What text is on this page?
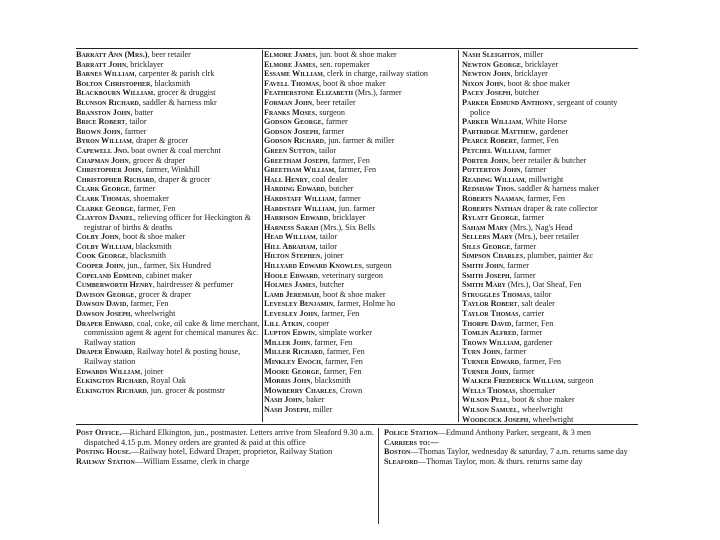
Barratt Ann (Mrs.), beer retailer
Barratt John, bricklayer
Barnes William, carpenter & parish clrk
Bolton Christopher, blacksmith
Blackbourn William, grocer & druggist
Blunson Richard, saddler & harness mkr
Branston John, batter
Brice Robert, tailor
Brown John, farmer
Byron William, draper & grocer
Capewell Jno. boat owner & coal merchnt
Chapman John, grocer & draper
Christopher John, farmer, Winkhill
Christopher Richard, draper & grocer
Clark George, farmer
Clark Thomas, shoemaker
Clarke George, farmer, Fen
Clayton Daniel, relieving officer for Heckington & registrar of births & deaths
Colby John, boot & shoe maker
Colby William, blacksmith
Cook George, blacksmith
Cooper John, jun., farmer, Six Hundred
Copeland Edmund, cabinet maker
Cumberworth Henry, hairdresser & perfumer
Davison George, grocer & draper
Dawson David, farmer, Fen
Dawson Joseph, wheelwright
Draper Edward, coal, coke, oil cake & lime merchant, commission agent & agent for chemical manures &c. Railway station
Draper Edward, Railway hotel & posting house, Railway station
Edwards William, joiner
Elkington Richard, Royal Oak
Elkington Richard, jun. grocer & postmstr
Elmore James, jun. boot & shoe maker
Elmore James, sen. ropemaker
Essame William, clerk in charge, railway station
Favell Thomas, boot & shoe maker
Featherstone Elizabeth (Mrs.), farmer
Forman John, beer retailer
Franks Moses, surgeon
Godson George, farmer
Godson Joseph, farmer
Godson Richard, jun. farmer & miller
Green Sutton, tailor
Greetham Joseph, farmer, Fen
Greetham William, farmer, Fen
Hall Henry, coal dealer
Harding Edward, butcher
Hardstaff William, farmer
Hardstaff William, jun. farmer
Harrison Edward, bricklayer
Harness Sarah (Mrs.), Six Bells
Head William, tailor
Hill Abraham, tailor
Hilton Stephen, joiner
Hillyard Edward Knowles, surgeon
Hoole Edward, veterinary surgeon
Holmes James, butcher
Lamb Jeremiah, boot & shoe maker
Levesley Benjamin, farmer, Holme ho
Levesley John, farmer, Fen
Lill Atkin, cooper
Lupton Edwin, simplate worker
Miller John, farmer, Fen
Miller Richard, farmer, Fen
Minkley Enoch, farmer, Fen
Moore George, farmer, Fen
Morris John, blacksmith
Mowberry Charles, Crown
Nash John, baker
Nash Joseph, miller
Nash Sleighton, miller
Newton George, bricklayer
Newton John, bricklayer
Nixon John, boot & shoe maker
Pacey Joseph, butcher
Parker Edmund Anthony, sergeant of county police
Parker William, White Horse
Partridge Matthew, gardener
Pearce Robert, farmer, Fen
Petchel William, farmer
Porter John, beer retailer & butcher
Potterton John, farmer
Reading William, millwright
Redshaw Thos. saddler & harness maker
Roberts Naaman, farmer, Fen
Roberts Nathan draper & rate collector
Rylatt George, farmer
Saham Mary (Mrs.), Nag's Head
Sellers Mary (Mrs.), beer retailer
Sills George, farmer
Simpson Charles, plumber, painter &c
Smith John, farmer
Smith Joseph, farmer
Smith Mary (Mrs.), Oat Sheaf, Fen
Struggles Thomas, tailor
Taylor Robert, salt dealer
Taylor Thomas, carrier
Thorpe David, farmer, Fen
Tomlin Alfred, farmer
Trown William, gardener
Turn John, farmer
Turner Edward, farmer, Fen
Turner John, farmer
Walker Frederick William, surgeon
Wells Thomas, shoemaker
Wilson Pell, boot & shoe maker
Wilson Samuel, wheelwright
Woodcock Joseph, wheelwright
Post Office.—Richard Elkington, jun., postmaster. Letters arrive from Sleaford 9.30 a.m. dispatched 4.15 p.m. Money orders are granted & paid at this office
Posting House.—Railway hotel, Edward Draper, proprietor, Railway Station
Railway Station—William Essame, clerk in charge
Police Station—Edmund Anthony Parker, sergeant, & 3 men
Carriers to:—
Boston—Thomas Taylor, wednesday & saturday, 7 a.m. returns same day
Sleaford—Thomas Taylor, mon. & thurs. returns same day
